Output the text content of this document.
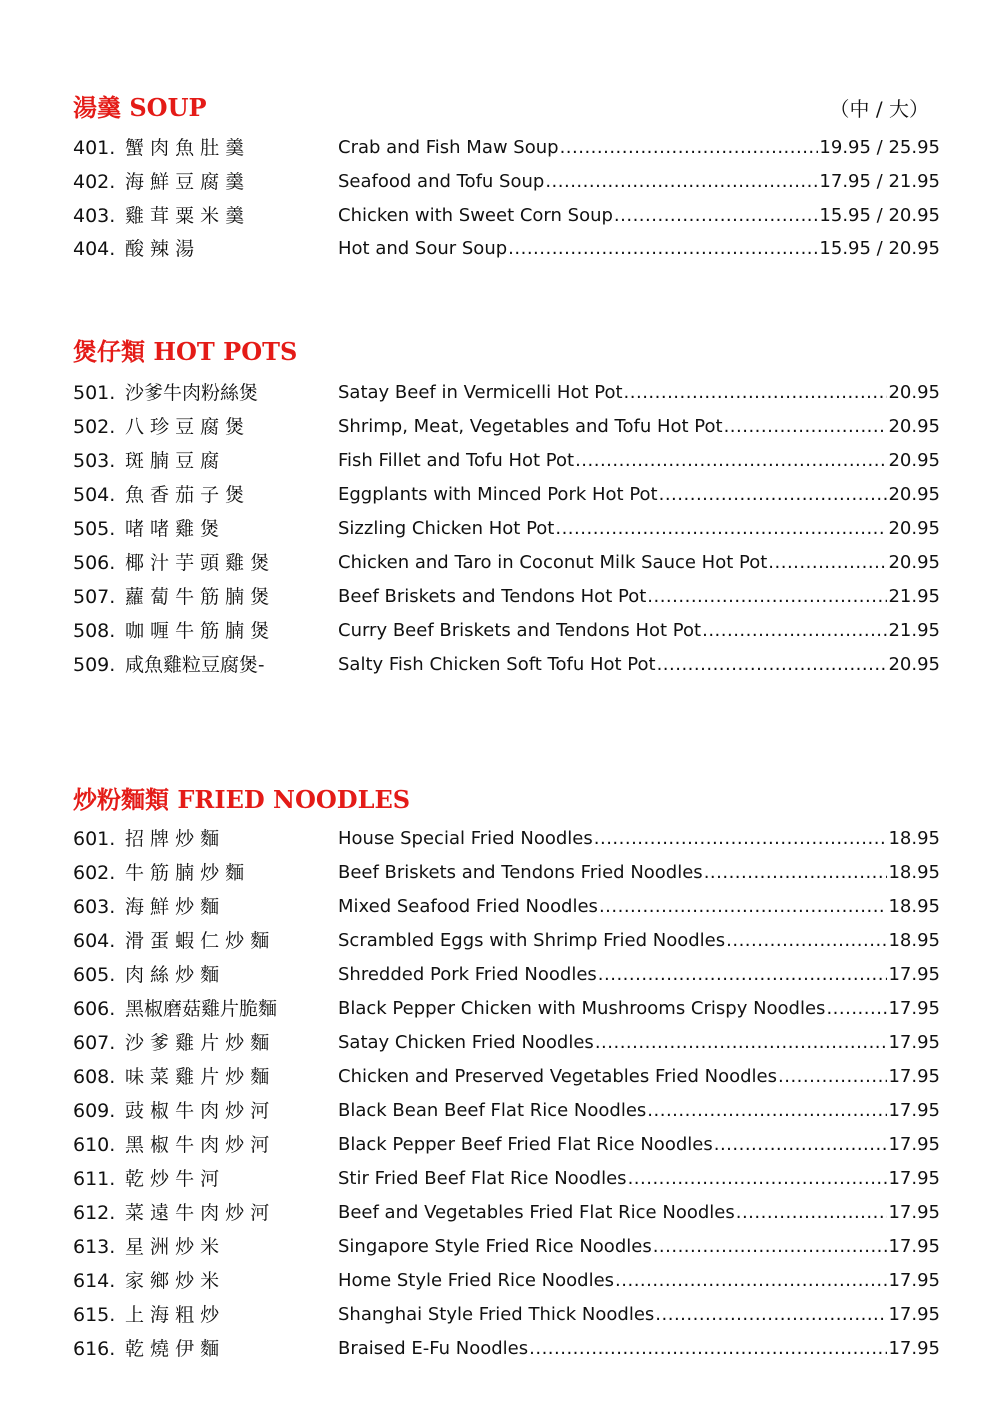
湯羹 SOUP	（中 / 大）
401. 蟹 肉 魚 肚 羹	Crab and Fish Maw Soup .....	19.95 / 25.95
402. 海 鮮 豆 腐 羹	Seafood and Tofu Soup .....	17.95 / 21.95
403. 雞 茸 粟 米 羹	Chicken with Sweet Corn Soup .....	15.95 / 20.95
404. 酸 辣 湯	Hot and Sour Soup .....	15.95 / 20.95
煲仔類 HOT POTS
501. 沙爹牛肉粉絲煲	Satay Beef in Vermicelli Hot Pot .....	20.95
502. 八 珍 豆 腐 煲	Shrimp, Meat, Vegetables and Tofu Hot Pot .....	20.95
503. 斑 腩 豆 腐	Fish Fillet and Tofu Hot Pot .....	20.95
504. 魚 香 茄 子 煲	Eggplants with Minced Pork Hot Pot .....	20.95
505. 啫 啫 雞 煲	Sizzling Chicken Hot Pot .....	20.95
506. 椰 汁 芋 頭 雞 煲	Chicken and Taro in Coconut Milk Sauce Hot Pot .....	20.95
507. 蘿 蔔 牛 筋 腩 煲	Beef Briskets and Tendons Hot Pot .....	21.95
508. 咖 喱 牛 筋 腩 煲	Curry Beef Briskets and Tendons Hot Pot .....	21.95
509. 咸魚雞粒豆腐煲-	Salty Fish Chicken Soft Tofu Hot Pot .....	20.95
炒粉麵類 FRIED NOODLES
601. 招 牌 炒 麵	House Special Fried Noodles .....	18.95
602. 牛 筋 腩 炒 麵	Beef Briskets and Tendons Fried Noodles .....	18.95
603. 海 鮮 炒 麵	Mixed Seafood Fried Noodles .....	18.95
604. 滑 蛋 蝦 仁 炒 麵	Scrambled Eggs with Shrimp Fried Noodles .....	18.95
605. 肉 絲 炒 麵	Shredded Pork Fried Noodles .....	17.95
606. 黑椒磨菇雞片脆麵	Black Pepper Chicken with Mushrooms Crispy Noodles .....	17.95
607. 沙 爹 雞 片 炒 麵	Satay Chicken Fried Noodles .....	17.95
608. 味 菜 雞 片 炒 麵	Chicken and Preserved Vegetables Fried Noodles .....	17.95
609. 豉 椒 牛 肉 炒 河	Black Bean Beef Flat Rice Noodles .....	17.95
610. 黑 椒 牛 肉 炒 河	Black Pepper Beef Fried Flat Rice Noodles .....	17.95
611. 乾 炒 牛 河	Stir Fried Beef Flat Rice Noodles .....	17.95
612. 菜 遠 牛 肉 炒 河	Beef and Vegetables Fried Flat Rice Noodles .....	17.95
613. 星 洲 炒 米	Singapore Style Fried Rice Noodles .....	17.95
614. 家 鄉 炒 米	Home Style Fried Rice Noodles .....	17.95
615. 上 海 粗 炒	Shanghai Style Fried Thick Noodles .....	17.95
616. 乾 燒 伊 麵	Braised E-Fu Noodles .....	17.95
